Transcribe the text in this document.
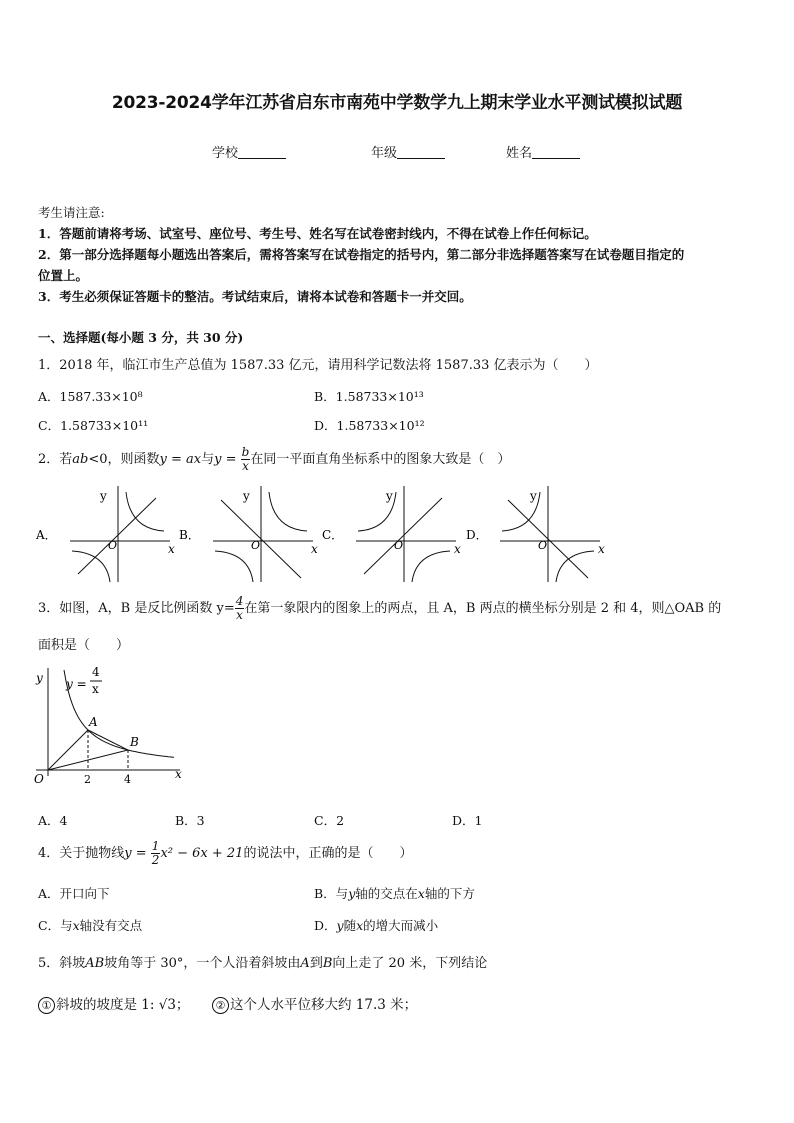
2023-2024学年江苏省启东市南苑中学数学九上期末学业水平测试模拟试题
学校	年级	姓名
考生请注意:
1．答题前请将考场、试室号、座位号、考生号、姓名写在试卷密封线内，不得在试卷上作任何标记。
2．第一部分选择题每小题选出答案后，需将答案写在试卷指定的括号内，第二部分非选择题答案写在试卷题目指定的
位置上。
3．考生必须保证答题卡的整洁。考试结束后，请将本试卷和答题卡一并交回。
一、选择题(每小题 3 分，共 30 分)
1．2018 年，临江市生产总值为 1587.33 亿元，请用科学记数法将 1587.33 亿表示为（　　）
A．1587.33×10⁸	B．1.58733×10¹³
C．1.58733×10¹¹	D．1.58733×10¹²
2．若ab<0，则函数y = ax与$y = \frac{b}{x}$ 在同一平面直角坐标系中的图象大致是（　）
A．
x
y
O
B．
x
y
O
C．
x
y
O
D．
x
y
O
3．如图，A，B 是反比例函数 $y= \frac{4}{x}$ 在第一象限内的图象上的两点，且 A，B 两点的横坐标分别是 2 和 4，则△OAB 的
面积是（　　）
x
y
O
A
B
2	4
y =
4
x
A．4	B．3	C．2	D．1
4．关于抛物线$y = \frac{1}{2} x^2 - 6x + 21$的说法中，正确的是（　　）
A．开口向下	B．与y轴的交点在x轴的下方
C．与x轴没有交点	D．y随x的增大而减小
5．斜坡AB坡角等于 30°，一个人沿着斜坡由A到B向上走了 20 米，下列结论
① 斜坡的坡度是 1: √3； ② 这个人水平位移大约 17.3 米；
